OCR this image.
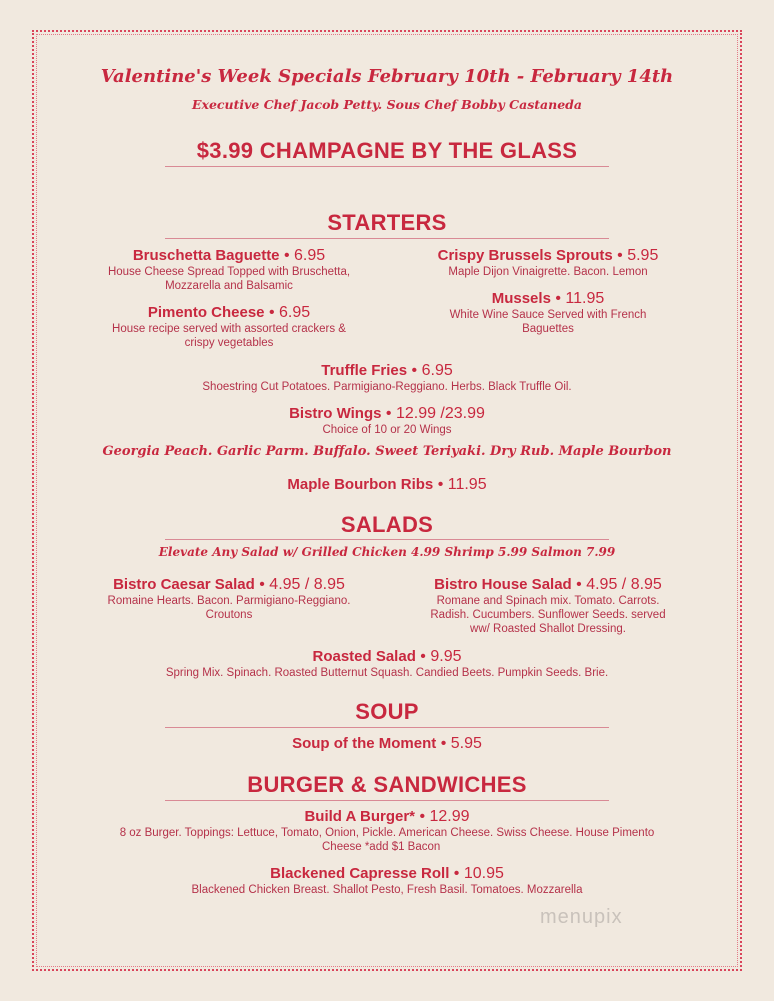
Valentine's Week Specials February 10th - February 14th
Executive Chef Jacob Petty. Sous Chef Bobby Castaneda
$3.99 CHAMPAGNE BY THE GLASS
STARTERS
Bruschetta Baguette • 6.95
House Cheese Spread Topped with Bruschetta,
Mozzarella and Balsamic
Pimento Cheese • 6.95
House recipe served with assorted crackers &
crispy vegetables
Crispy Brussels Sprouts • 5.95
Maple Dijon Vinaigrette. Bacon. Lemon
Mussels • 11.95
White Wine Sauce Served with French
Baguettes
Truffle Fries • 6.95
Shoestring Cut Potatoes. Parmigiano-Reggiano. Herbs. Black Truffle Oil.
Bistro Wings • 12.99 /23.99
Choice of 10 or 20 Wings
Georgia Peach. Garlic Parm. Buffalo. Sweet Teriyaki. Dry Rub. Maple Bourbon
Maple Bourbon Ribs • 11.95
SALADS
Elevate Any Salad w/ Grilled Chicken 4.99 Shrimp 5.99 Salmon 7.99
Bistro Caesar Salad • 4.95 / 8.95
Romaine Hearts. Bacon. Parmigiano-Reggiano.
Croutons
Bistro House Salad • 4.95 / 8.95
Romane and Spinach mix. Tomato. Carrots.
Radish. Cucumbers. Sunflower Seeds. served
ww/ Roasted Shallot Dressing.
Roasted Salad • 9.95
Spring Mix. Spinach. Roasted Butternut Squash. Candied Beets. Pumpkin Seeds. Brie.
SOUP
Soup of the Moment • 5.95
BURGER & SANDWICHES
Build A Burger* • 12.99
8 oz Burger. Toppings: Lettuce, Tomato, Onion, Pickle. American Cheese. Swiss Cheese. House Pimento
Cheese *add $1 Bacon
Blackened Capresse Roll • 10.95
Blackened Chicken Breast. Shallot Pesto, Fresh Basil. Tomatoes. Mozzarella
menupix
